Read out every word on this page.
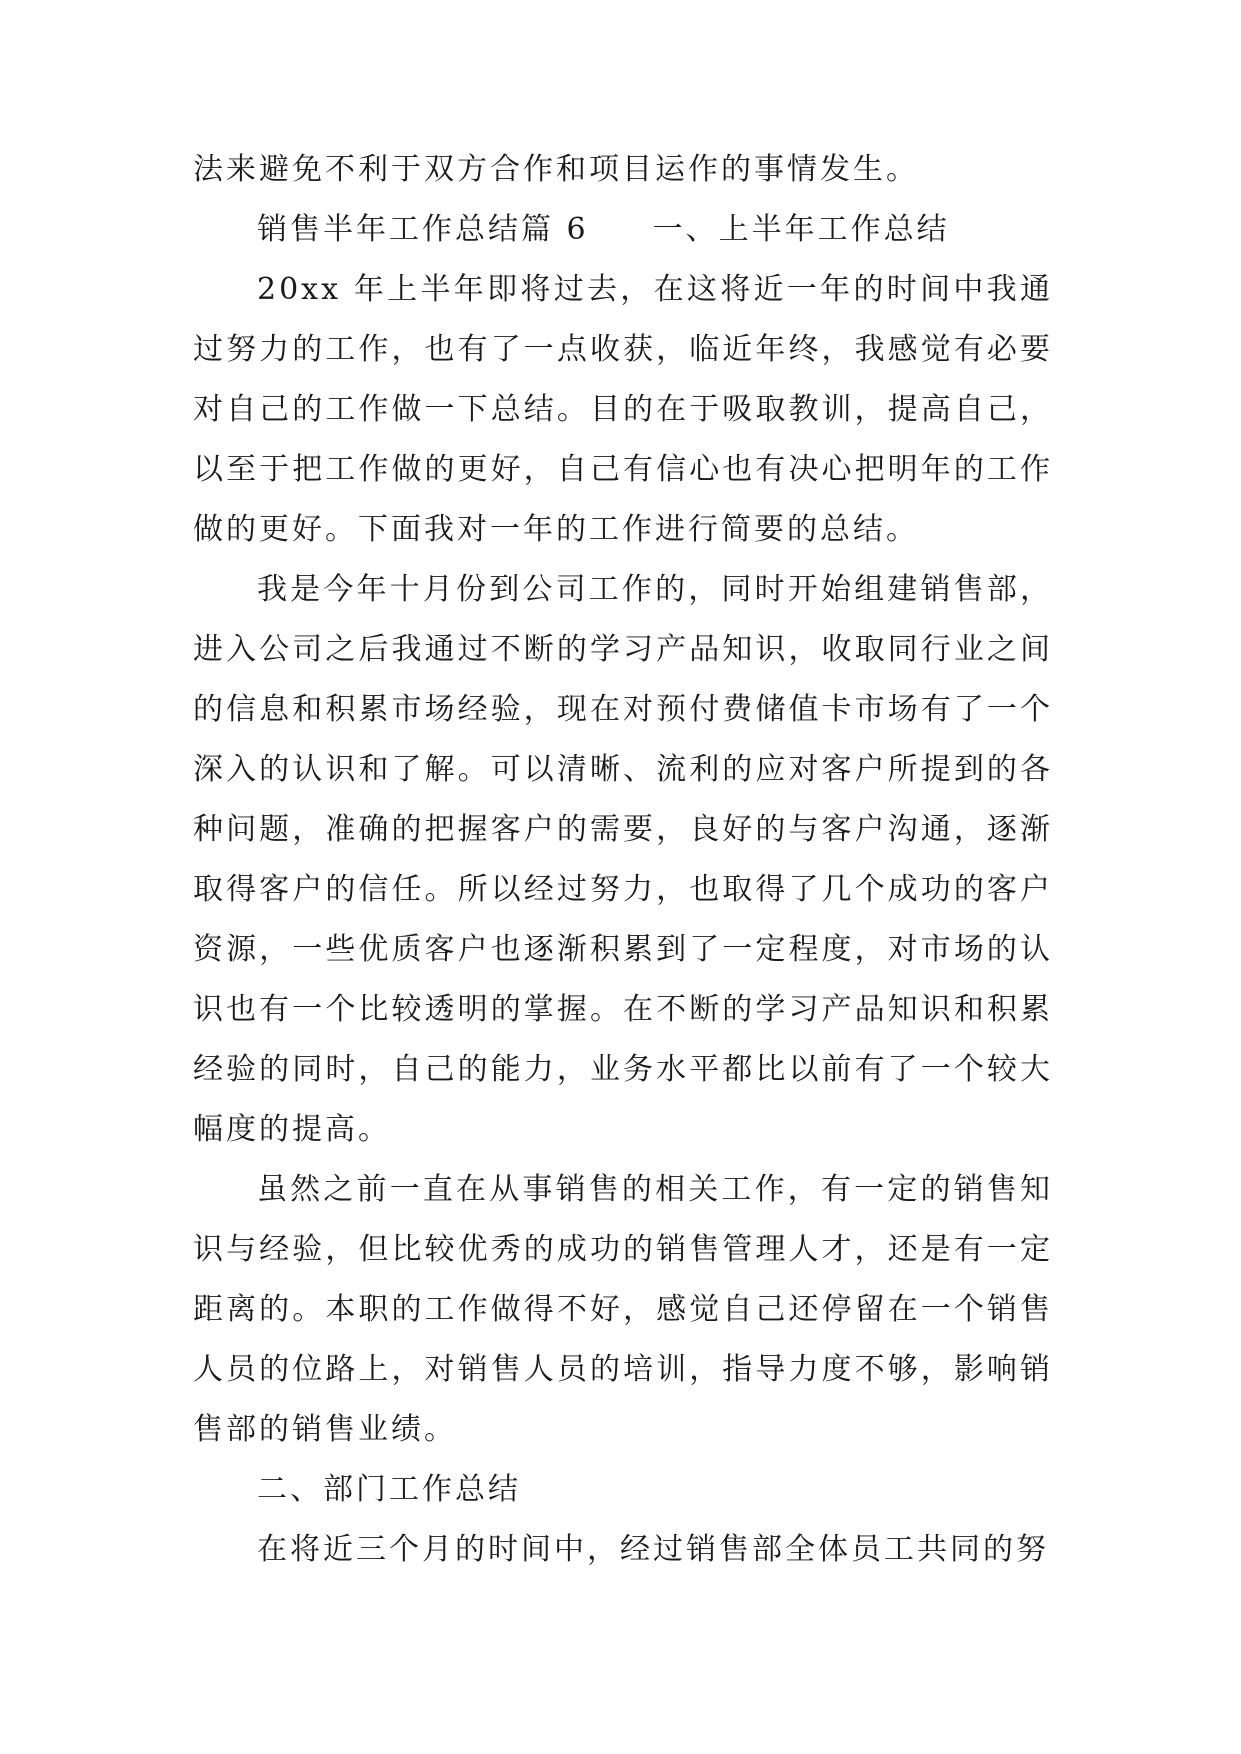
法来避免不利于双方合作和项目运作的事情发生。
销售半年工作总结篇 6 一、上半年工作总结

20xx 年上半年即将过去，在这将近一年的时间中我通过努力的工作，也有了一点收获，临近年终，我感觉有必要对自己的工作做一下总结。目的在于吸取教训，提高自己，以至于把工作做的更好，自己有信心也有决心把明年的工作做的更好。下面我对一年的工作进行简要的总结。

我是今年十月份到公司工作的，同时开始组建销售部，进入公司之后我通过不断的学习产品知识，收取同行业之间的信息和积累市场经验，现在对预付费储值卡市场有了一个深入的认识和了解。可以清晰、流利的应对客户所提到的各种问题，准确的把握客户的需要，良好的与客户沟通，逐渐取得客户的信任。所以经过努力，也取得了几个成功的客户资源，一些优质客户也逐渐积累到了一定程度，对市场的认识也有一个比较透明的掌握。在不断的学习产品知识和积累经验的同时，自己的能力，业务水平都比以前有了一个较大幅度的提高。

虽然之前一直在从事销售的相关工作，有一定的销售知识与经验，但比较优秀的成功的销售管理人才，还是有一定距离的。本职的工作做得不好，感觉自己还停留在一个销售人员的位路上，对销售人员的培训，指导力度不够，影响销售部的销售业绩。

二、部门工作总结
在将近三个月的时间中，经过销售部全体员工共同的努
